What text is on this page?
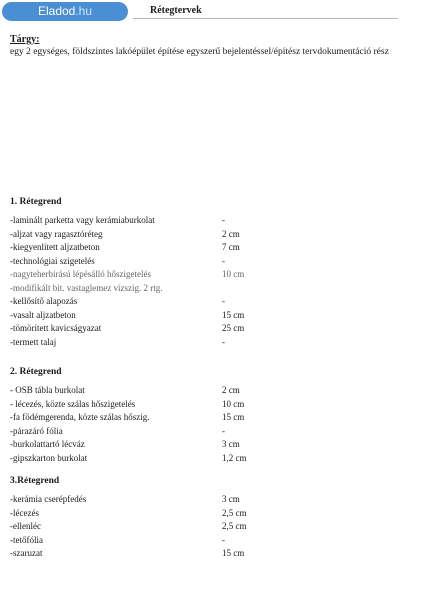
Eladod.hu	Rétegtervek
Tárgy:
egy 2 egységes, földszintes lakóépület építése egyszerű bejelentéssel/építész tervdokumentáció rész
1. Rétegrend
-laminált parketta vagy kerámiaburkolat	-
-aljzat vagy ragasztóréteg	2 cm
-kiegyenlített aljzatbeton	7 cm
-technológiai szigetelés	-
-nagyteherbírású lépésálló hőszigetelés	10 cm
-modifikált bit. vastaglemez vízszig. 2 rtg.
-kellősítő alapozás	-
-vasalt aljzatbeton	15 cm
-tömörített kavicságyazat	25 cm
-termett talaj	-
2. Rétegrend
- OSB tábla burkolat	2 cm
- lécezés, közte szálas hőszigetelés	10 cm
-fa födémgerenda, közte szálas hőszig.	15 cm
-párazáró fólia	-
-burkolattartó lécváz	3 cm
-gipszkarton burkolat	1,2 cm
3.Rétegrend
-kerámia cserépfedés	3 cm
-lécezés	2,5 cm
-ellenléc	2,5 cm
-tetőfólia	-
-szaruzat	15 cm
